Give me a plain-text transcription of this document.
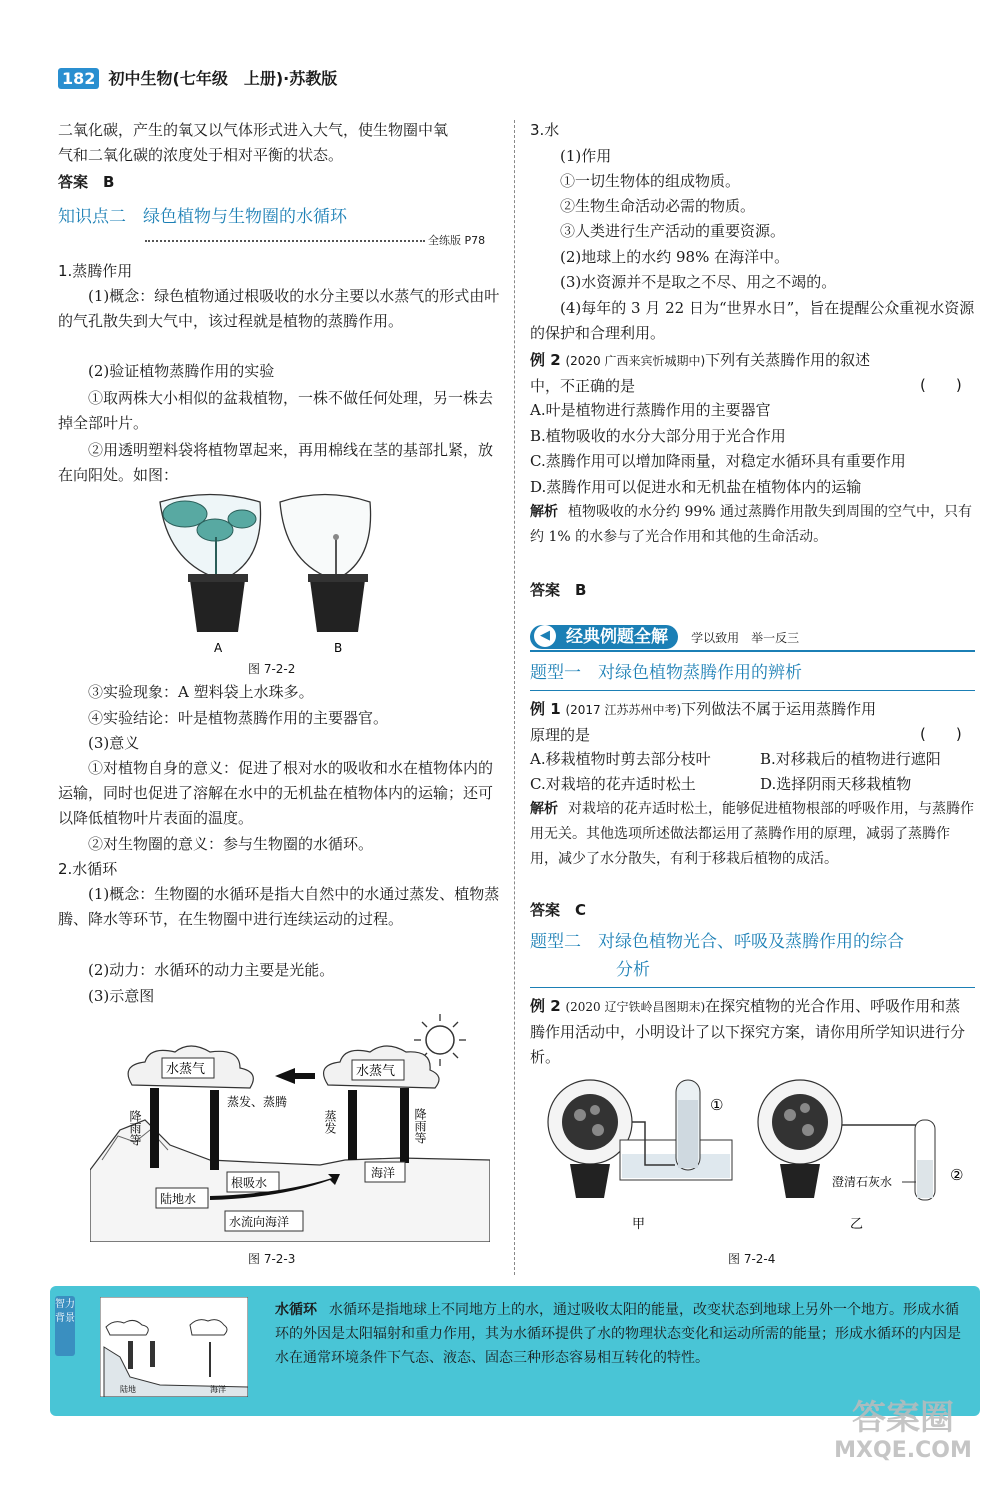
182 初中生物(七年级　上册)·苏教版
二氧化碳，产生的氧又以气体形式进入大气，使生物圈中氧
气和二氧化碳的浓度处于相对平衡的状态。
答案　B
知识点二　绿色植物与生物圈的水循环
全练版 P78
1.蒸腾作用
(1)概念：绿色植物通过根吸收的水分主要以水蒸气的形式由叶的气孔散失到大气中，该过程就是植物的蒸腾作用。
(2)验证植物蒸腾作用的实验
①取两株大小相似的盆栽植物，一株不做任何处理，另一株去掉全部叶片。
②用透明塑料袋将植物罩起来，再用棉线在茎的基部扎紧，放在向阳处。如图：
A	B
图 7-2-2
③实验现象：A 塑料袋上水珠多。
④实验结论：叶是植物蒸腾作用的主要器官。
(3)意义
①对植物自身的意义：促进了根对水的吸收和水在植物体内的运输，同时也促进了溶解在水中的无机盐在植物体内的运输；还可以降低植物叶片表面的温度。
②对生物圈的意义：参与生物圈的水循环。
2.水循环
(1)概念：生物圈的水循环是指大自然中的水通过蒸发、植物蒸腾、降水等环节，在生物圈中进行连续运动的过程。
(2)动力：水循环的动力主要是光能。
(3)示意图
水蒸气	水蒸气
降雨等
蒸发、蒸腾
蒸发	降雨等
海洋
陆地水
根吸水
水流向海洋
图 7-2-3
3.水
(1)作用
①一切生物体的组成物质。
②生物生命活动必需的物质。
③人类进行生产活动的重要资源。
(2)地球上的水约 98% 在海洋中。
(3)水资源并不是取之不尽、用之不竭的。
(4)每年的 3 月 22 日为“世界水日”，旨在提醒公众重视水资源的保护和合理利用。
例 2 (2020 广西来宾忻城期中)下列有关蒸腾作用的叙述
中，不正确的是	(　　)
A.叶是植物进行蒸腾作用的主要器官
B.植物吸收的水分大部分用于光合作用
C.蒸腾作用可以增加降雨量，对稳定水循环具有重要作用
D.蒸腾作用可以促进水和无机盐在植物体内的运输
解析 植物吸收的水分约 99% 通过蒸腾作用散失到周围的空气中，只有约 1% 的水参与了光合作用和其他的生命活动。
答案　B
◀ 经典例题全解 学以致用　举一反三
题型一　对绿色植物蒸腾作用的辨析
例 1 (2017 江苏苏州中考)下列做法不属于运用蒸腾作用
原理的是	(　　)
A.移栽植物时剪去部分枝叶	B.对移栽后的植物进行遮阳
C.对栽培的花卉适时松土	D.选择阴雨天移栽植物
解析 对栽培的花卉适时松土，能够促进植物根部的呼吸作用，与蒸腾作用无关。其他选项所述做法都运用了蒸腾作用的原理，减弱了蒸腾作用，减少了水分散失，有利于移栽后植物的成活。
答案　C
题型二　对绿色植物光合、呼吸及蒸腾作用的综合
分析
例 2 (2020 辽宁铁岭昌图期末)在探究植物的光合作用、呼吸作用和蒸腾作用活动中，小明设计了以下探究方案，请你用所学知识进行分析。
①
澄清石灰水	②
甲	乙
图 7-2-4
智力背景
陆地	海洋
水循环 水循环是指地球上不同地方上的水，通过吸收太阳的能量，改变状态到地球上另外一个地方。形成水循环的外因是太阳辐射和重力作用，其为水循环提供了水的物理状态变化和运动所需的能量；形成水循环的内因是水在通常环境条件下气态、液态、固态三种形态容易相互转化的特性。
答案圈
MXQE.COM
